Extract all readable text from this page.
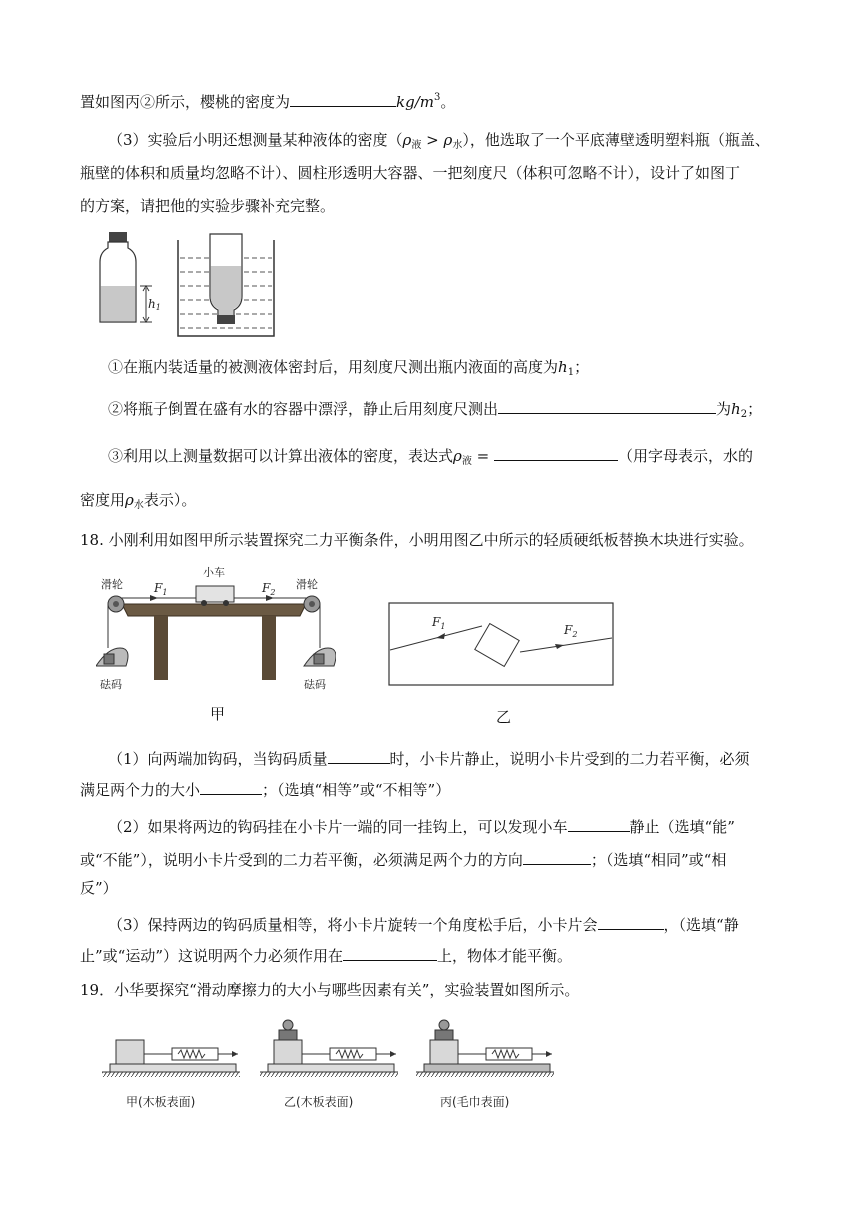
置如图丙②所示，樱桃的密度为	$kg/m^3$。
（3）实验后小明还想测量某种液体的密度$(\rho_液 > \rho_水)$，他选取了一个平底薄壁透明塑料瓶（瓶盖、
瓶壁的体积和质量均忽略不计）、圆柱形透明大容器、一把刻度尺（体积可忽略不计），设计了如图丁
的方案，请把他的实验步骤补充完整。
h1
①在瓶内装适量的被测液体密封后，用刻度尺测出瓶内液面的高度为$h_1$；
②将瓶子倒置在盛有水的容器中漂浮，静止后用刻度尺测出	为$h_2$；
③利用以上测量数据可以计算出液体的密度，表达式$\rho_液$ =	（用字母表示，水的
密度用$\rho_水$表示）。
18. 小刚利用如图甲所示装置探究二力平衡条件，小明用图乙中所示的轻质硬纸板替换木块进行实验。
小车
滑轮	滑轮
$F_1$	$F_2$
砝码	砝码
甲
$F_1$	$F_2$
乙
（1）向两端加钩码，当钩码质量	时，小卡片静止，说明小卡片受到的二力若平衡，必须
满足两个力的大小	；（选填“相等”或“不相等”）
（2）如果将两边的钩码挂在小卡片一端的同一挂钩上，可以发现小车	静止（选填“能”
或“不能”），说明小卡片受到的二力若平衡，必须满足两个力的方向	；（选填“相同”或“相
反”）
（3）保持两边的钩码质量相等，将小卡片旋转一个角度松手后，小卡片会	，（选填“静
止”或“运动”）这说明两个力必须作用在	上，物体才能平衡。
19．小华要探究“滑动摩擦力的大小与哪些因素有关”，实验装置如图所示。
甲(木板表面)	乙(木板表面)	丙(毛巾表面)
